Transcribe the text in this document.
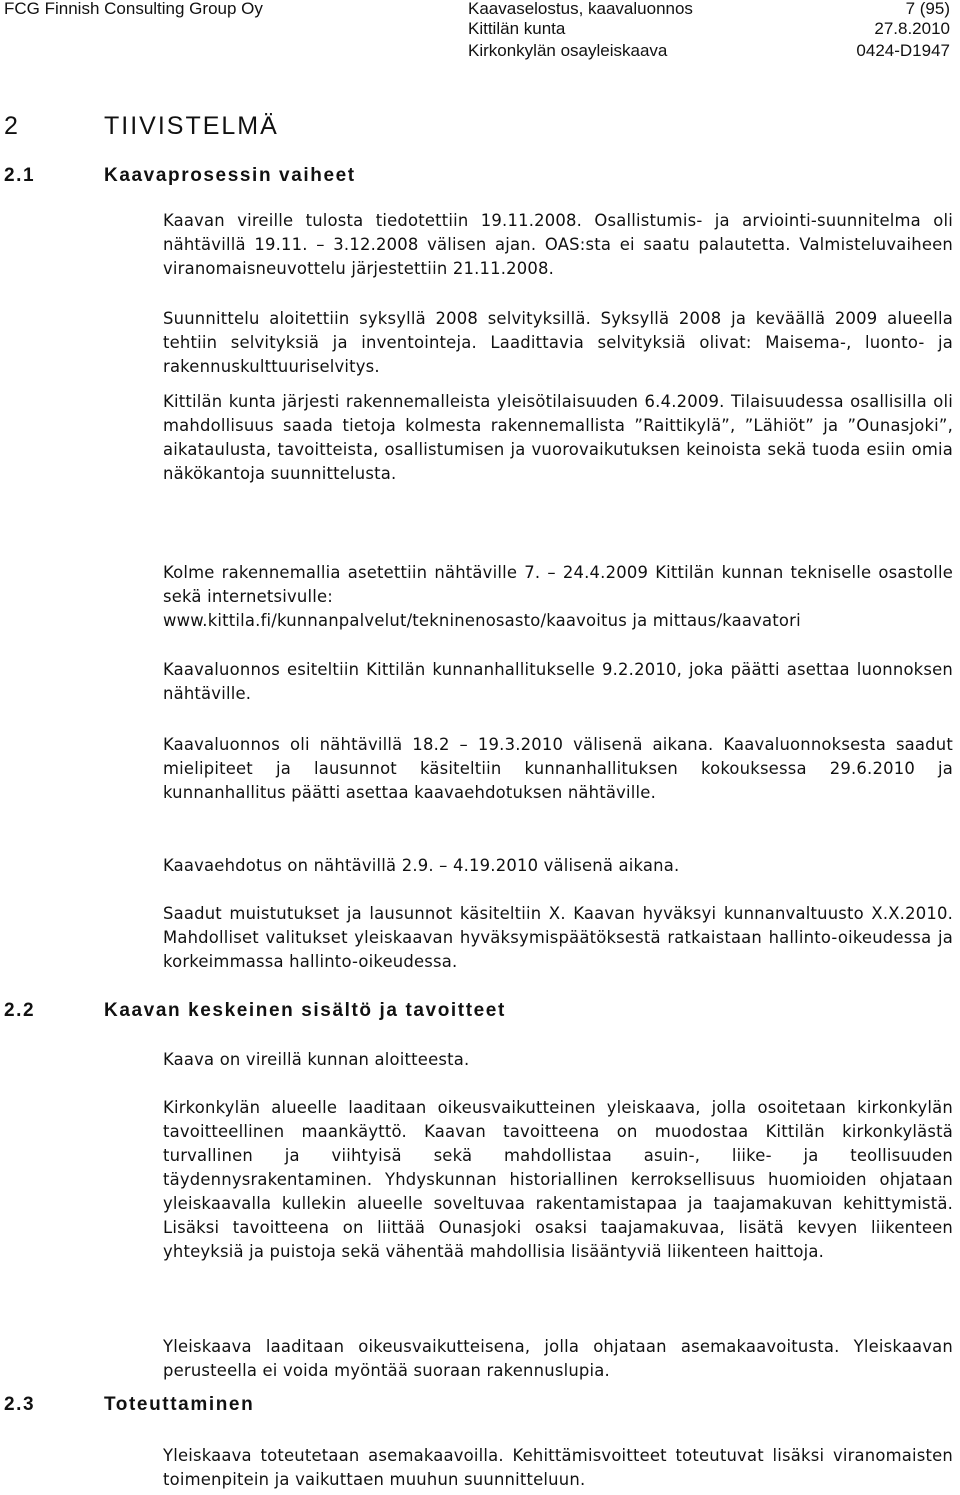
FCG Finnish Consulting Group Oy	Kaavaselostus, kaavaluonnos	7 (95)
Kittilän kunta	27.8.2010
Kirkonkylän osayleiskaava	0424-D1947
2	TIIVISTELMÄ
2.1	Kaavaprosessin vaiheet

Kaavan vireille tulosta tiedotettiin 19.11.2008. Osallistumis- ja arviointi-suunnitelma oli nähtävillä 19.11. – 3.12.2008 välisen ajan. OAS:sta ei saatu palautetta. Valmisteluvaiheen viranomaisneuvottelu järjestettiin 21.11.2008.

Suunnittelu aloitettiin syksyllä 2008 selvityksillä. Syksyllä 2008 ja keväällä 2009 alueella tehtiin selvityksiä ja inventointeja. Laadittavia selvityksiä olivat: Maisema-, luonto- ja rakennuskulttuuriselvitys.

Kittilän kunta järjesti rakennemalleista yleisötilaisuuden 6.4.2009. Tilaisuudessa osallisilla oli mahdollisuus saada tietoja kolmesta rakennemallista ”Raittikylä”, ”Lähiöt” ja ”Ounasjoki”, aikataulusta, tavoitteista, osallistumisen ja vuorovaikutuksen keinoista sekä tuoda esiin omia näkökantoja suunnittelusta.

Kolme rakennemallia asetettiin nähtäville 7. – 24.4.2009 Kittilän kunnan tekniselle osastolle sekä internetsivulle:

www.kittila.fi/kunnanpalvelut/tekninenosasto/kaavoitus ja mittaus/kaavatori

Kaavaluonnos esiteltiin Kittilän kunnanhallitukselle 9.2.2010, joka päätti asettaa luonnoksen nähtäville.

Kaavaluonnos oli nähtävillä 18.2 – 19.3.2010 välisenä aikana. Kaavaluonnoksesta saadut mielipiteet ja lausunnot käsiteltiin kunnanhallituksen kokouksessa 29.6.2010 ja kunnanhallitus päätti asettaa kaavaehdotuksen nähtäville.

Kaavaehdotus on nähtävillä 2.9. – 4.19.2010 välisenä aikana.

Saadut muistutukset ja lausunnot käsiteltiin X. Kaavan hyväksyi kunnanvaltuusto X.X.2010. Mahdolliset valitukset yleiskaavan hyväksymispäätöksestä ratkaistaan hallinto-oikeudessa ja korkeimmassa hallinto-oikeudessa.

2.2	Kaavan keskeinen sisältö ja tavoitteet

Kaava on vireillä kunnan aloitteesta.

Kirkonkylän alueelle laaditaan oikeusvaikutteinen yleiskaava, jolla osoitetaan kirkonkylän tavoitteellinen maankäyttö. Kaavan tavoitteena on muodostaa Kittilän kirkonkylästä turvallinen ja viihtyisä sekä mahdollistaa asuin-, liike- ja teollisuuden täydennysrakentaminen. Yhdyskunnan historiallinen kerroksellisuus huomioiden ohjataan yleiskaavalla kullekin alueelle soveltuvaa rakentamistapaa ja taajamakuvan kehittymistä. Lisäksi tavoitteena on liittää Ounasjoki osaksi taajamakuvaa, lisätä kevyen liikenteen yhteyksiä ja puistoja sekä vähentää mahdollisia lisääntyviä liikenteen haittoja.

Yleiskaava laaditaan oikeusvaikutteisena, jolla ohjataan asemakaavoitusta. Yleiskaavan perusteella ei voida myöntää suoraan rakennuslupia.

2.3	Toteuttaminen

Yleiskaava toteutetaan asemakaavoilla. Kehittämisvoitteet toteutuvat lisäksi viranomaisten toimenpitein ja vaikuttaen muuhun suunnitteluun.
